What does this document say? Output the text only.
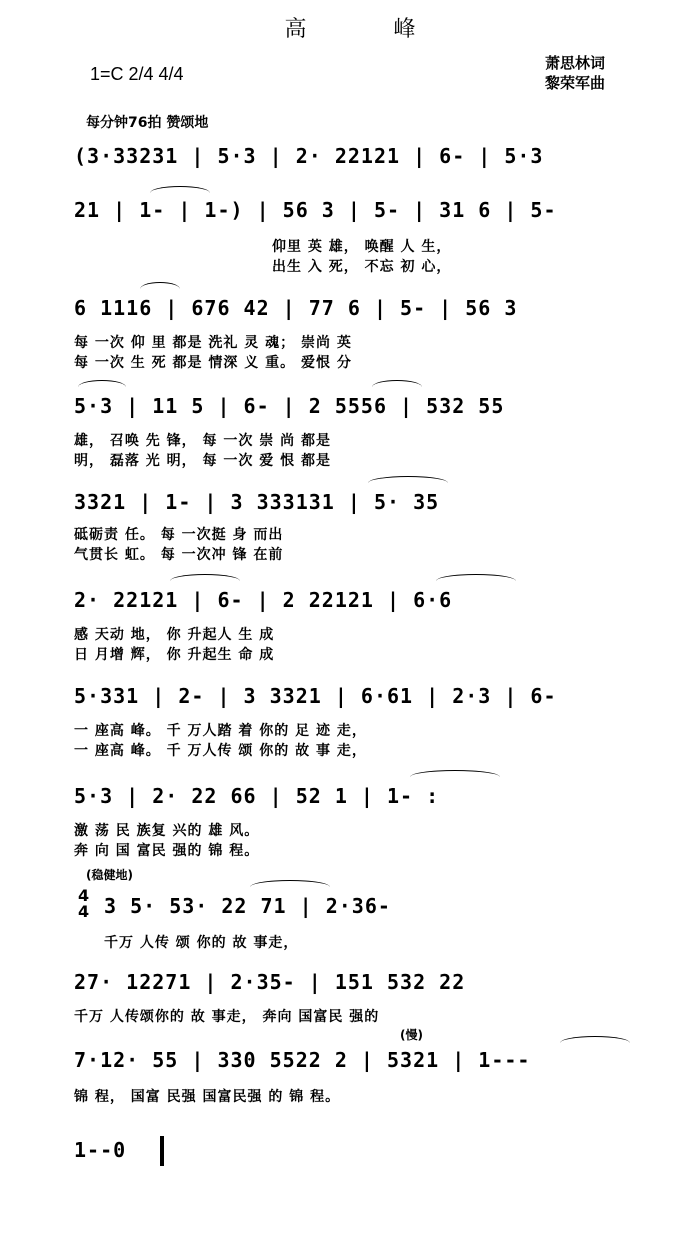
高 峰
1=C 2/4 4/4
萧思林词
黎荣军曲
每分钟76拍 赞颂地
(3·33231 | 5·3 | 2· 22121 | 6- | 5·3
21 | 1- | 1-) | 56 3 | 5- | 31 6 | 5-
仰里 英 雄， 唤醒 人 生，
出生 入 死， 不忘 初 心，
6 1116 | 676 42 | 77 6 | 5- | 56 3
每 一次 仰 里 都是 洗礼 灵 魂； 崇尚 英
每 一次 生 死 都是 情深 义 重。 爱恨 分
5·3 | 11 5 | 6- | 2 5556 | 532 55
雄， 召唤 先 锋， 每 一次 崇 尚 都是
明， 磊落 光 明， 每 一次 爱 恨 都是
3321 | 1- | 3 333131 | 5· 35
砥砺责 任。 每 一次挺 身 而出
气贯长 虹。 每 一次冲 锋 在前
2· 22121 | 6- | 2 22121 | 6·6
感 天动 地， 你 升起人 生 成
日 月增 辉， 你 升起生 命 成
5·331 | 2- | 3 3321 | 6·61 | 2·3 | 6-
一 座高 峰。 千 万人踏 着 你的 足 迹 走，
一 座高 峰。 千 万人传 颂 你的 故 事 走，
5·3 | 2· 22 66 | 52 1 | 1- :
激 荡 民 族复 兴的 雄 风。
奔 向 国 富民 强的 锦 程。
(稳健地)
4
4 3 5· 53· 22 71 | 2·36-
千万 人传 颂 你的 故 事走，
27· 12271 | 2·35- | 151 532 22
千万 人传颂你的 故 事走， 奔向 国富民 强的
(慢)
7·12· 55 | 330 5522 2 | 5321 | 1---
锦 程， 国富 民强 国富民强 的 锦 程。
1--0
